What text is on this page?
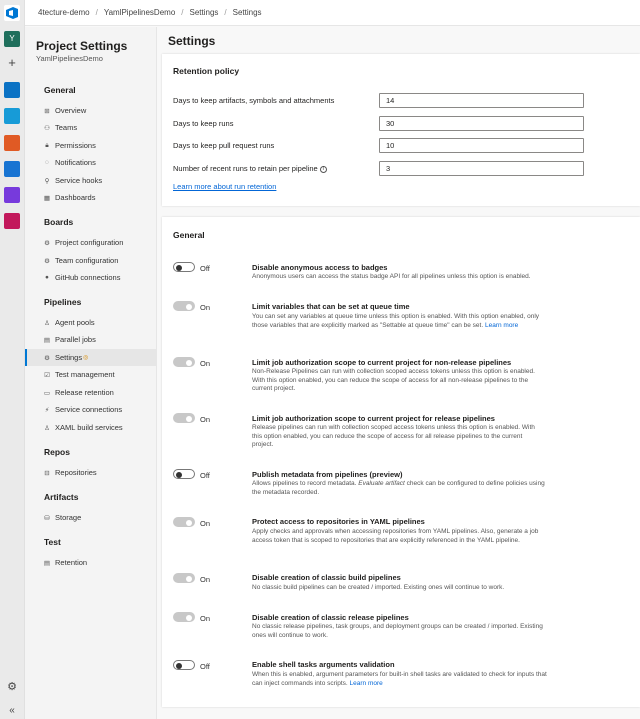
Y
+
⚙
«
4tecture-demo / YamlPipelinesDemo / Settings / Settings
Project Settings
YamlPipelinesDemo
General
⊞ Overview
⚇ Teams
🔒︎ Permissions
◌ Notifications
⚲ Service hooks
▦ Dashboards
Boards
⚙ Project configuration
⚙ Team configuration
● GitHub connections
Pipelines
♙ Agent pools
▤ Parallel jobs
⚙ Settings ◎
☑ Test management
▭ Release retention
⚡︎ Service connections
♙ XAML build services
Repos
⊟ Repositories
Artifacts
⛁ Storage
Test
▤ Retention
Settings
Retention policy
Days to keep artifacts, symbols and attachments
14
Days to keep runs
30
Days to keep pull request runs
10
Number of recent runs to retain per pipeline i
3
Learn more about run retention
General
Off	Disable anonymous access to badges
Anonymous users can access the status badge API for all pipelines unless this option is enabled.
On	Limit variables that can be set at queue time
You can set any variables at queue time unless this option is enabled. With this option enabled, only those variables that are explicitly marked as "Settable at queue time" can be set. Learn more
On	Limit job authorization scope to current project for non-release pipelines
Non-Release Pipelines can run with collection scoped access tokens unless this option is enabled. With this option enabled, you can reduce the scope of access for all non-release pipelines to the current project.
On	Limit job authorization scope to current project for release pipelines
Release pipelines can run with collection scoped access tokens unless this option is enabled. With this option enabled, you can reduce the scope of access for all release pipelines to the current project.
Off	Publish metadata from pipelines (preview)
Allows pipelines to record metadata. Evaluate artifact check can be configured to define policies using the metadata recorded.
On	Protect access to repositories in YAML pipelines
Apply checks and approvals when accessing repositories from YAML pipelines. Also, generate a job access token that is scoped to repositories that are explicitly referenced in the YAML pipeline.
On	Disable creation of classic build pipelines
No classic build pipelines can be created / imported. Existing ones will continue to work.
On	Disable creation of classic release pipelines
No classic release pipelines, task groups, and deployment groups can be created / imported. Existing ones will continue to work.
Off	Enable shell tasks arguments validation
When this is enabled, argument parameters for built-in shell tasks are validated to check for inputs that can inject commands into scripts. Learn more
